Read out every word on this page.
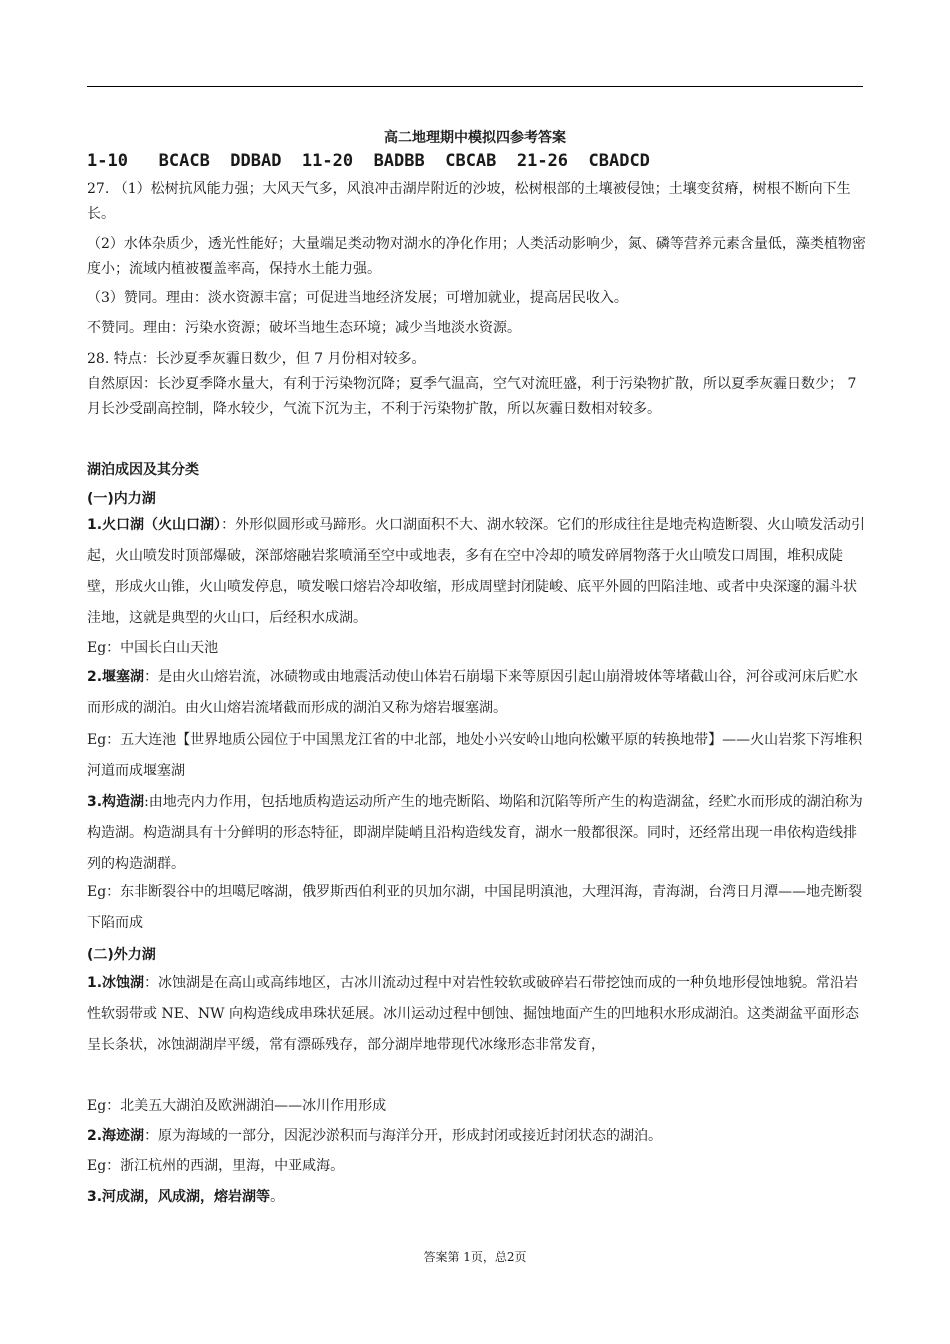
高二地理期中模拟四参考答案
1-10   BCACB  DDBAD  11-20  BADBB  CBCAB  21-26  CBADCD
27. （1）松树抗风能力强；大风天气多，风浪冲击湖岸附近的沙坡，松树根部的土壤被侵蚀；土壤变贫瘠，树根不断向下生长。
（2）水体杂质少，透光性能好；大量端足类动物对湖水的净化作用；人类活动影响少，氮、磷等营养元素含量低，藻类植物密度小；流域内植被覆盖率高，保持水土能力强。
（3）赞同。理由：淡水资源丰富；可促进当地经济发展；可增加就业，提高居民收入。
不赞同。理由：污染水资源；破坏当地生态环境；减少当地淡水资源。
28. 特点：长沙夏季灰霾日数少，但 7 月份相对较多。
自然原因：长沙夏季降水量大，有利于污染物沉降；夏季气温高，空气对流旺盛，利于污染物扩散，所以夏季灰霾日数少； 7 月长沙受副高控制，降水较少，气流下沉为主，不利于污染物扩散，所以灰霾日数相对较多。
湖泊成因及其分类
(一)内力湖
1.火口湖（火山口湖）：外形似圆形或马蹄形。火口湖面积不大、湖水较深。它们的形成往往是地壳构造断裂、火山喷发活动引起，火山喷发时顶部爆破，深部熔融岩浆喷涌至空中或地表，多有在空中冷却的喷发碎屑物落于火山喷发口周围，堆积成陡壁，形成火山锥，火山喷发停息，喷发喉口熔岩冷却收缩，形成周壁封闭陡峻、底平外圆的凹陷洼地、或者中央深邃的漏斗状洼地，这就是典型的火山口，后经积水成湖。
Eg：中国长白山天池
2.堰塞湖：是由火山熔岩流，冰碛物或由地震活动使山体岩石崩塌下来等原因引起山崩滑坡体等堵截山谷，河谷或河床后贮水而形成的湖泊。由火山熔岩流堵截而形成的湖泊又称为熔岩堰塞湖。
Eg：五大连池【世界地质公园位于中国黑龙江省的中北部，地处小兴安岭山地向松嫩平原的转换地带】——火山岩浆下泻堆积河道而成堰塞湖
3.构造湖:由地壳内力作用，包括地质构造运动所产生的地壳断陷、坳陷和沉陷等所产生的构造湖盆，经贮水而形成的湖泊称为构造湖。构造湖具有十分鲜明的形态特征，即湖岸陡峭且沿构造线发育，湖水一般都很深。同时，还经常出现一串依构造线排列的构造湖群。
Eg：东非断裂谷中的坦噶尼喀湖，俄罗斯西伯利亚的贝加尔湖，中国昆明滇池，大理洱海，青海湖，台湾日月潭——地壳断裂下陷而成
(二)外力湖
1.冰蚀湖：冰蚀湖是在高山或高纬地区，古冰川流动过程中对岩性较软或破碎岩石带挖蚀而成的一种负地形侵蚀地貌。常沿岩性软弱带或 NE、NW 向构造线成串珠状延展。冰川运动过程中刨蚀、掘蚀地面产生的凹地积水形成湖泊。这类湖盆平面形态呈长条状，冰蚀湖湖岸平缓，常有漂砾残存，部分湖岸地带现代冰缘形态非常发育，
Eg：北美五大湖泊及欧洲湖泊——冰川作用形成
2.海迹湖：原为海域的一部分，因泥沙淤积而与海洋分开，形成封闭或接近封闭状态的湖泊。
Eg：浙江杭州的西湖，里海，中亚咸海。
3.河成湖，风成湖，熔岩湖等。
答案第 1页，总2页
